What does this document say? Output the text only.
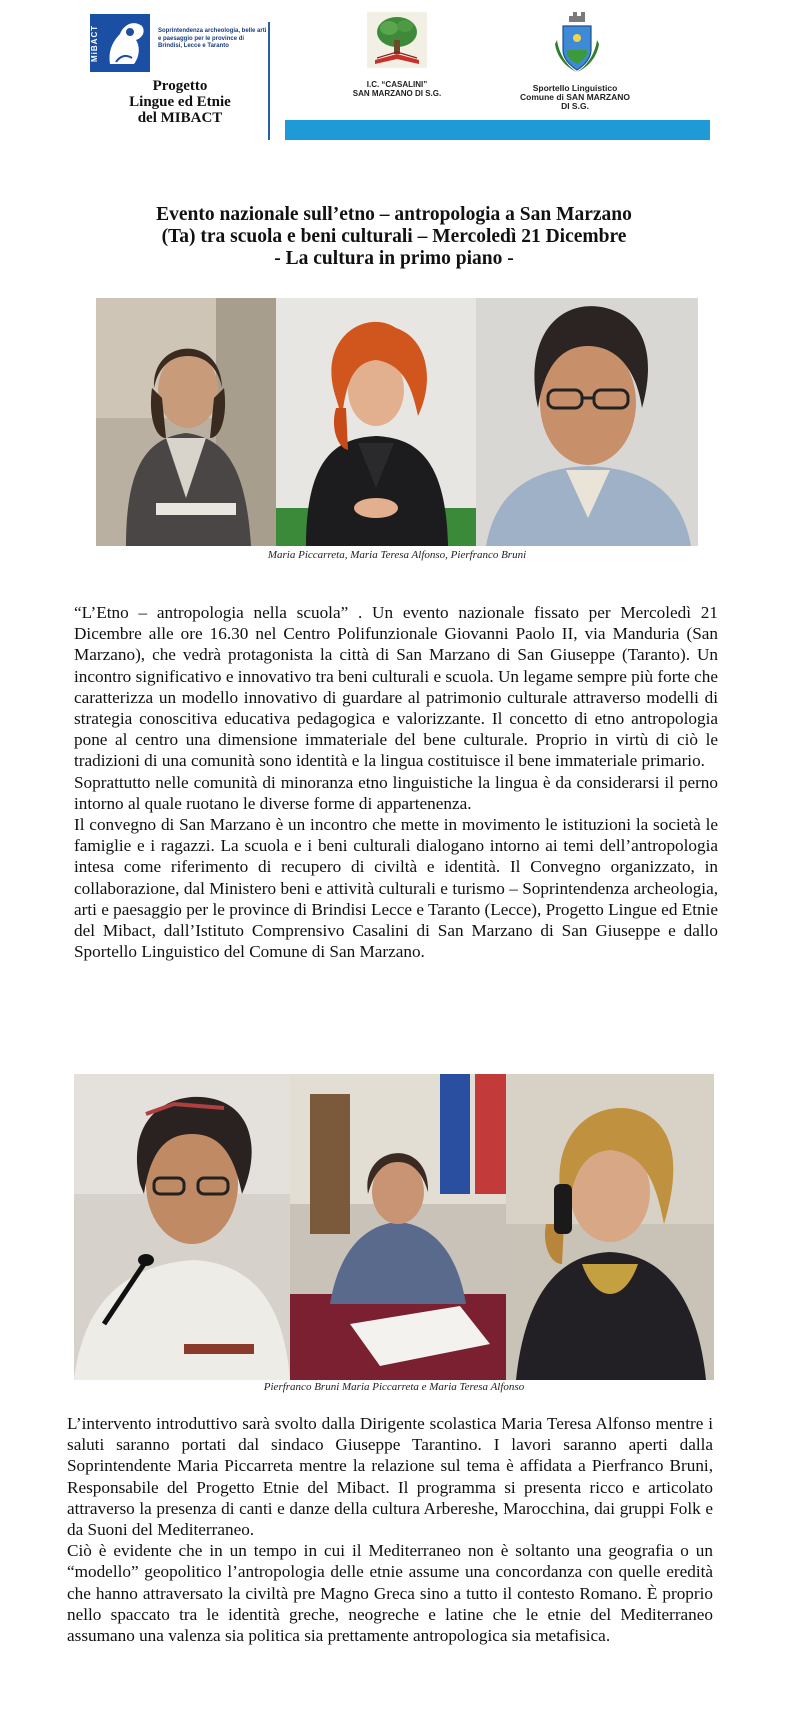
MiBACT	Soprintendenza archeologia, belle arti e paesaggio per le province di Brindisi, Lecce e Taranto
Progetto
Lingue ed Etnie
del MIBACT
I.C. “CASALINI”
SAN MARZANO DI S.G.
Sportello Linguistico
Comune di SAN MARZANO
DI S.G.
Evento nazionale sull’etno – antropologia a San Marzano
(Ta) tra scuola e beni culturali – Mercoledì 21 Dicembre
- La cultura in primo piano -
Maria Piccarreta, Maria Teresa Alfonso, Pierfranco Bruni

“L’Etno – antropologia nella scuola” . Un evento nazionale fissato per Mercoledì 21 Dicembre alle ore 16.30 nel Centro Polifunzionale Giovanni Paolo II, via Manduria (San Marzano), che vedrà protagonista la città di San Marzano di San Giuseppe (Taranto). Un incontro significativo e innovativo tra beni culturali e scuola. Un legame sempre più forte che caratterizza un modello innovativo di guardare al patrimonio culturale attraverso modelli di strategia conoscitiva educativa pedagogica e valorizzante. Il concetto di etno antropologia pone al centro una dimensione immateriale del bene culturale. Proprio in virtù di ciò le tradizioni di una comunità sono identità e la lingua costituisce il bene immateriale primario.

Soprattutto nelle comunità di minoranza etno linguistiche la lingua è da considerarsi il perno intorno al quale ruotano le diverse forme di appartenenza.

Il convegno di San Marzano è un incontro che mette in movimento le istituzioni la società le famiglie e i ragazzi. La scuola e i beni culturali dialogano intorno ai temi dell’antropologia intesa come riferimento di recupero di civiltà e identità. Il Convegno organizzato, in collaborazione, dal Ministero beni e attività culturali e turismo – Soprintendenza archeologia, arti e paesaggio per le province di Brindisi Lecce e Taranto (Lecce), Progetto Lingue ed Etnie del Mibact, dall’Istituto Comprensivo Casalini di San Marzano di San Giuseppe e dallo Sportello Linguistico del Comune di San Marzano.

Pierfranco Bruni Maria Piccarreta e Maria Teresa Alfonso

L’intervento introduttivo sarà svolto dalla Dirigente scolastica Maria Teresa Alfonso mentre i saluti saranno portati dal sindaco Giuseppe Tarantino. I lavori saranno aperti dalla Soprintendente Maria Piccarreta mentre la relazione sul tema è affidata a Pierfranco Bruni, Responsabile del Progetto Etnie del Mibact. Il programma si presenta ricco e articolato attraverso la presenza di canti e danze della cultura Arbereshe, Marocchina, dai gruppi Folk e da Suoni del Mediterraneo.

Ciò è evidente che in un tempo in cui il Mediterraneo non è soltanto una geografia o un “modello” geopolitico l’antropologia delle etnie assume una concordanza con quelle eredità che hanno attraversato la civiltà pre Magno Greca sino a tutto il contesto Romano. È proprio nello spaccato tra le identità greche, neogreche e latine che le etnie del Mediterraneo assumano una valenza sia politica sia prettamente antropologica sia metafisica.
